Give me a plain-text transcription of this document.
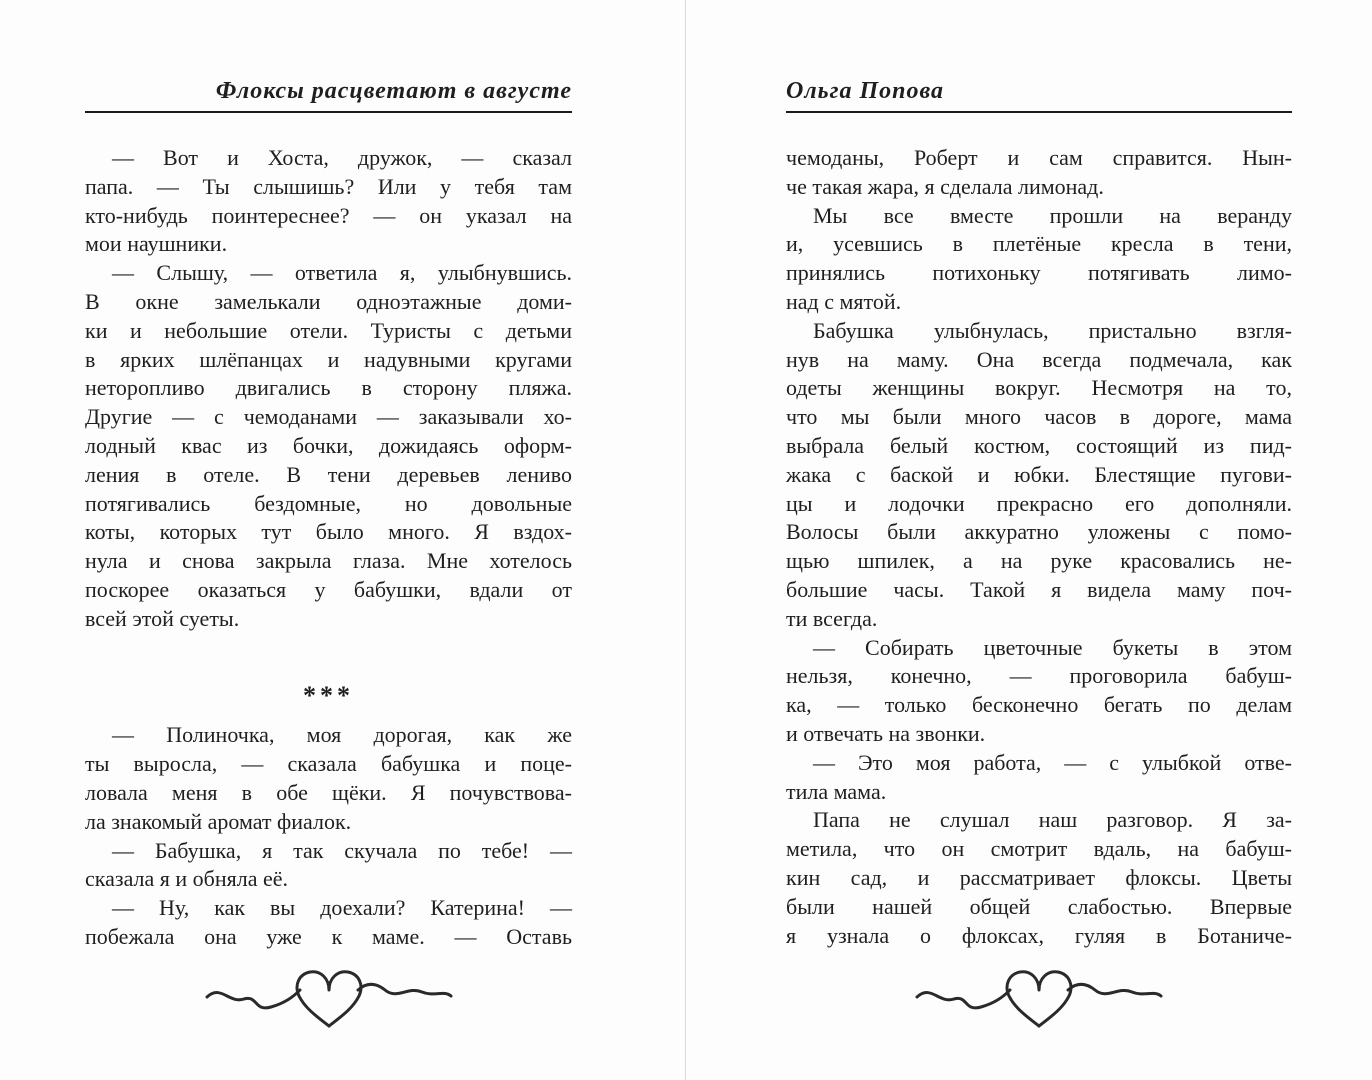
Флоксы расцветают в августе
— Вот и Хоста, дружок, — сказал
папа. — Ты слышишь? Или у тебя там
кто-нибудь поинтереснее? — он указал на
мои наушники.
— Слышу, — ответила я, улыбнувшись.
В окне замелькали одноэтажные доми-
ки и небольшие отели. Туристы с детьми
в ярких шлёпанцах и надувными кругами
неторопливо двигались в сторону пляжа.
Другие — с чемоданами — заказывали хо-
лодный квас из бочки, дожидаясь оформ-
ления в отеле. В тени деревьев лениво
потягивались бездомные, но довольные
коты, которых тут было много. Я вздох-
нула и снова закрыла глаза. Мне хотелось
поскорее оказаться у бабушки, вдали от
всей этой суеты.
***
— Полиночка, моя дорогая, как же
ты выросла, — сказала бабушка и поце-
ловала меня в обе щёки. Я почувствова-
ла знакомый аромат фиалок.
— Бабушка, я так скучала по тебе! —
сказала я и обняла её.
— Ну, как вы доехали? Катерина! —
побежала она уже к маме. — Оставь
7
Ольга Попова
чемоданы, Роберт и сам справится. Нын-
че такая жара, я сделала лимонад.
Мы все вместе прошли на веранду
и, усевшись в плетёные кресла в тени,
принялись потихоньку потягивать лимо-
над с мятой.
Бабушка улыбнулась, пристально взгля-
нув на маму. Она всегда подмечала, как
одеты женщины вокруг. Несмотря на то,
что мы были много часов в дороге, мама
выбрала белый костюм, состоящий из пид-
жака с баской и юбки. Блестящие пугови-
цы и лодочки прекрасно его дополняли.
Волосы были аккуратно уложены с помо-
щью шпилек, а на руке красовались не-
большие часы. Такой я видела маму поч-
ти всегда.
— Собирать цветочные букеты в этом
нельзя, конечно, — проговорила бабуш-
ка, — только бесконечно бегать по делам
и отвечать на звонки.
— Это моя работа, — с улыбкой отве-
тила мама.
Папа не слушал наш разговор. Я за-
метила, что он смотрит вдаль, на бабуш-
кин сад, и рассматривает флоксы. Цветы
были нашей общей слабостью. Впервые
я узнала о флоксах, гуляя в Ботаниче-
8
